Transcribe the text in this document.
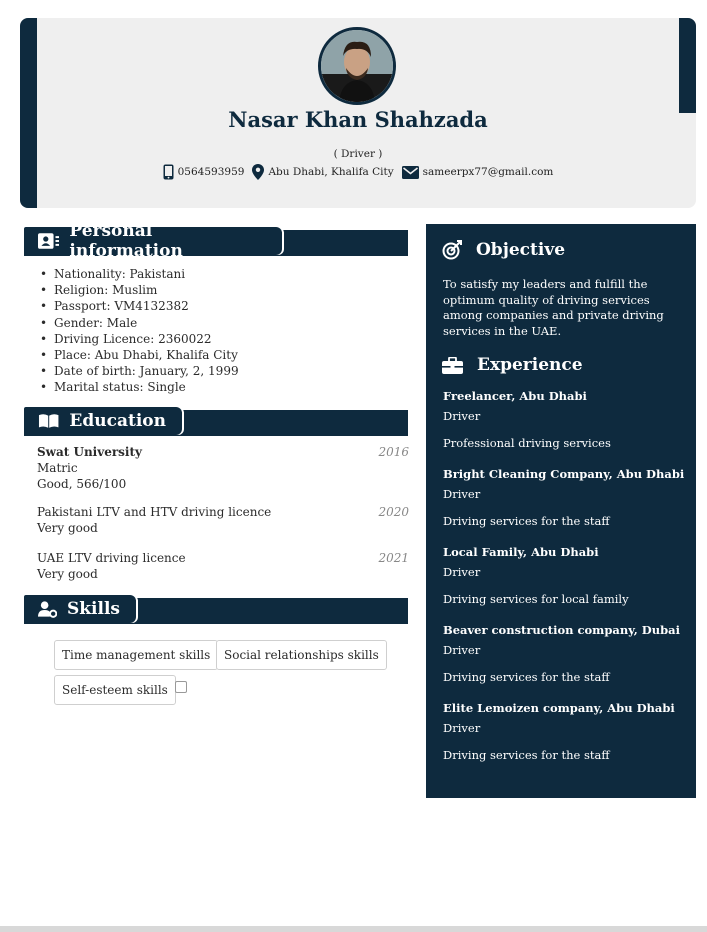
Nasar Khan Shahzada
( Driver )
0564593959 Abu Dhabi, Khalifa City	sameerpx77@gmail.com
Personal information
• Nationality: Pakistani
• Religion: Muslim
• Passport: VM4132382
• Gender: Male
• Driving Licence: 2360022
• Place: Abu Dhabi, Khalifa City
• Date of birth: January, 2, 1999
• Marital status: Single
Education
Swat University	2016
Matric
Good, 566/100
Pakistani LTV and HTV driving licence	2020
Very good
UAE LTV driving licence	2021
Very good
Skills
Time management skills	Social relationships skills
Self-esteem skills
Objective
To satisfy my leaders and fulfill the optimum quality of driving services among companies and private driving services in the UAE.
Experience
Freelancer, Abu Dhabi
Driver
Professional driving services
Bright Cleaning Company, Abu Dhabi
Driver
Driving services for the staff
Local Family, Abu Dhabi
Driver
Driving services for local family
Beaver construction company, Dubai
Driver
Driving services for the staff
Elite Lemoizen company, Abu Dhabi
Driver
Driving services for the staff
